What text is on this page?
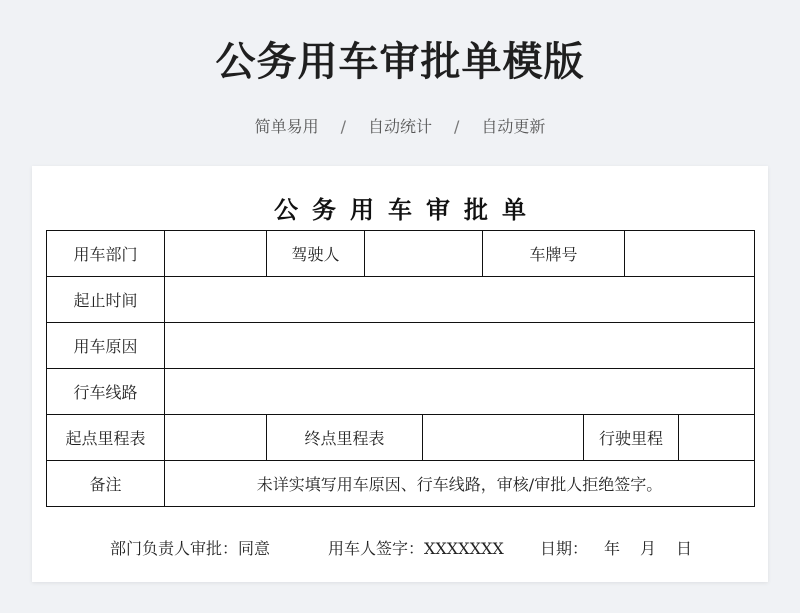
公务用车审批单模版
简单易用 / 自动统计 / 自动更新
公务用车审批单
用车部门		驾驶人			车牌号			
起止时间								
用车原因								
行车线路								
起点里程表		终点里程表				行驶里程		
备注	未详实填写用车原因、行车线路，审核/审批人拒绝签字。							
部门负责人审批：同意	用车人签字：XXXXXXX 日期： 年 月 日
